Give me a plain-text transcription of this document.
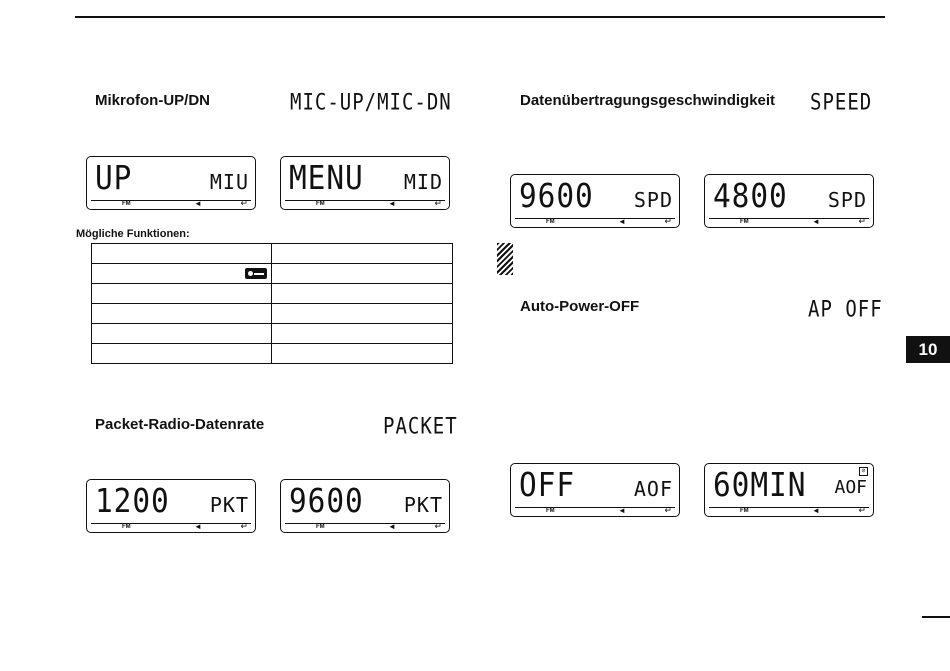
Mikrofon-UP/DN	MIC-UP/MIC-DN
UP	MIU
FM	◄	↵
MENU MID
FM	◄	↵
Mögliche Funktionen:

Packet-Radio-Datenrate	PACKET
1200 PKT
FM	◄	↵
9600 PKT
FM	◄	↵
Datenübertragungsgeschwindigkeit SPEED
9600 SPD
FM	◄	↵
4800 SPD
FM	◄	↵
Auto-Power-OFF	AP OFF
OFF	AOF
FM	◄	↵
60MIN AOF
⊘
FM	◄	↵
10
